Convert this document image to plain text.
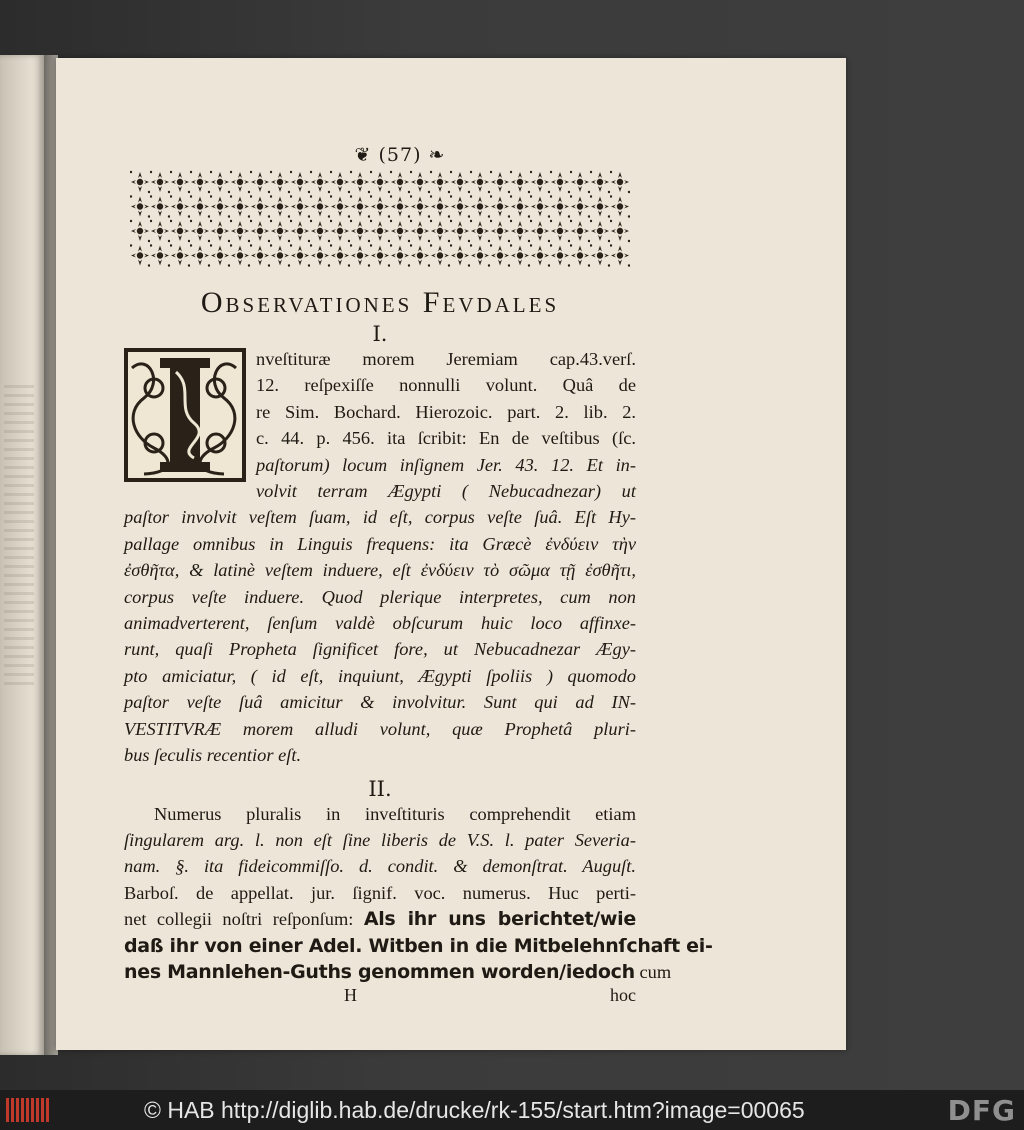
❦ (57) ❧
Observationes Fevdales
I.
nveſtituræ morem Jeremiam cap.43.verſ.
12. reſpexiſſe nonnulli volunt. Quâ de
re Sim. Bochard. Hierozoic. part. 2. lib. 2.
c. 44. p. 456. ita ſcribit: En de veſtibus (ſc.
paſtorum) locum inſignem Jer. 43. 12. Et in-
volvit terram Ægypti ( Nebucadnezar) ut
paſtor involvit veſtem ſuam, id eſt, corpus veſte ſuâ. Eſt Hy-
pallage omnibus in Linguis frequens: ita Græcè ἐνδύειν τὴν
ἐσθῆτα, & latinè veſtem induere, eſt ἐνδύειν τὸ σῶμα τῇ ἐσθῆτι,
corpus veſte induere. Quod plerique interpretes, cum non
animadverterent, ſenſum valdè obſcurum huic loco affinxe-
runt, quaſi Propheta ſignificet fore, ut Nebucadnezar Ægy-
pto amiciatur, ( id eſt, inquiunt, Ægypti ſpoliis ) quomodo
paſtor veſte ſuâ amicitur & involvitur. Sunt qui ad IN-
VESTITVRÆ morem alludi volunt, quæ Prophetâ pluri-
bus ſeculis recentior eſt.
II.
Numerus pluralis in inveſtituris comprehendit etiam
ſingularem arg. l. non eſt ſine liberis de V.S. l. pater Severia-
nam. §. ita fideicommiſſo. d. condit. & demonſtrat. Auguſt.
Barboſ. de appellat. jur. ſignif. voc. numerus. Huc perti-
net collegii noſtri reſponſum: Als ihr uns berichtet/wie
daß ihr von einer Adel. Witben in die Mitbelehnſchaft ei-
nes Mannlehen-Guths genommen worden/iedoch cum
H	hoc
© HAB http://diglib.hab.de/drucke/rk-155/start.htm?image=00065	DFG
